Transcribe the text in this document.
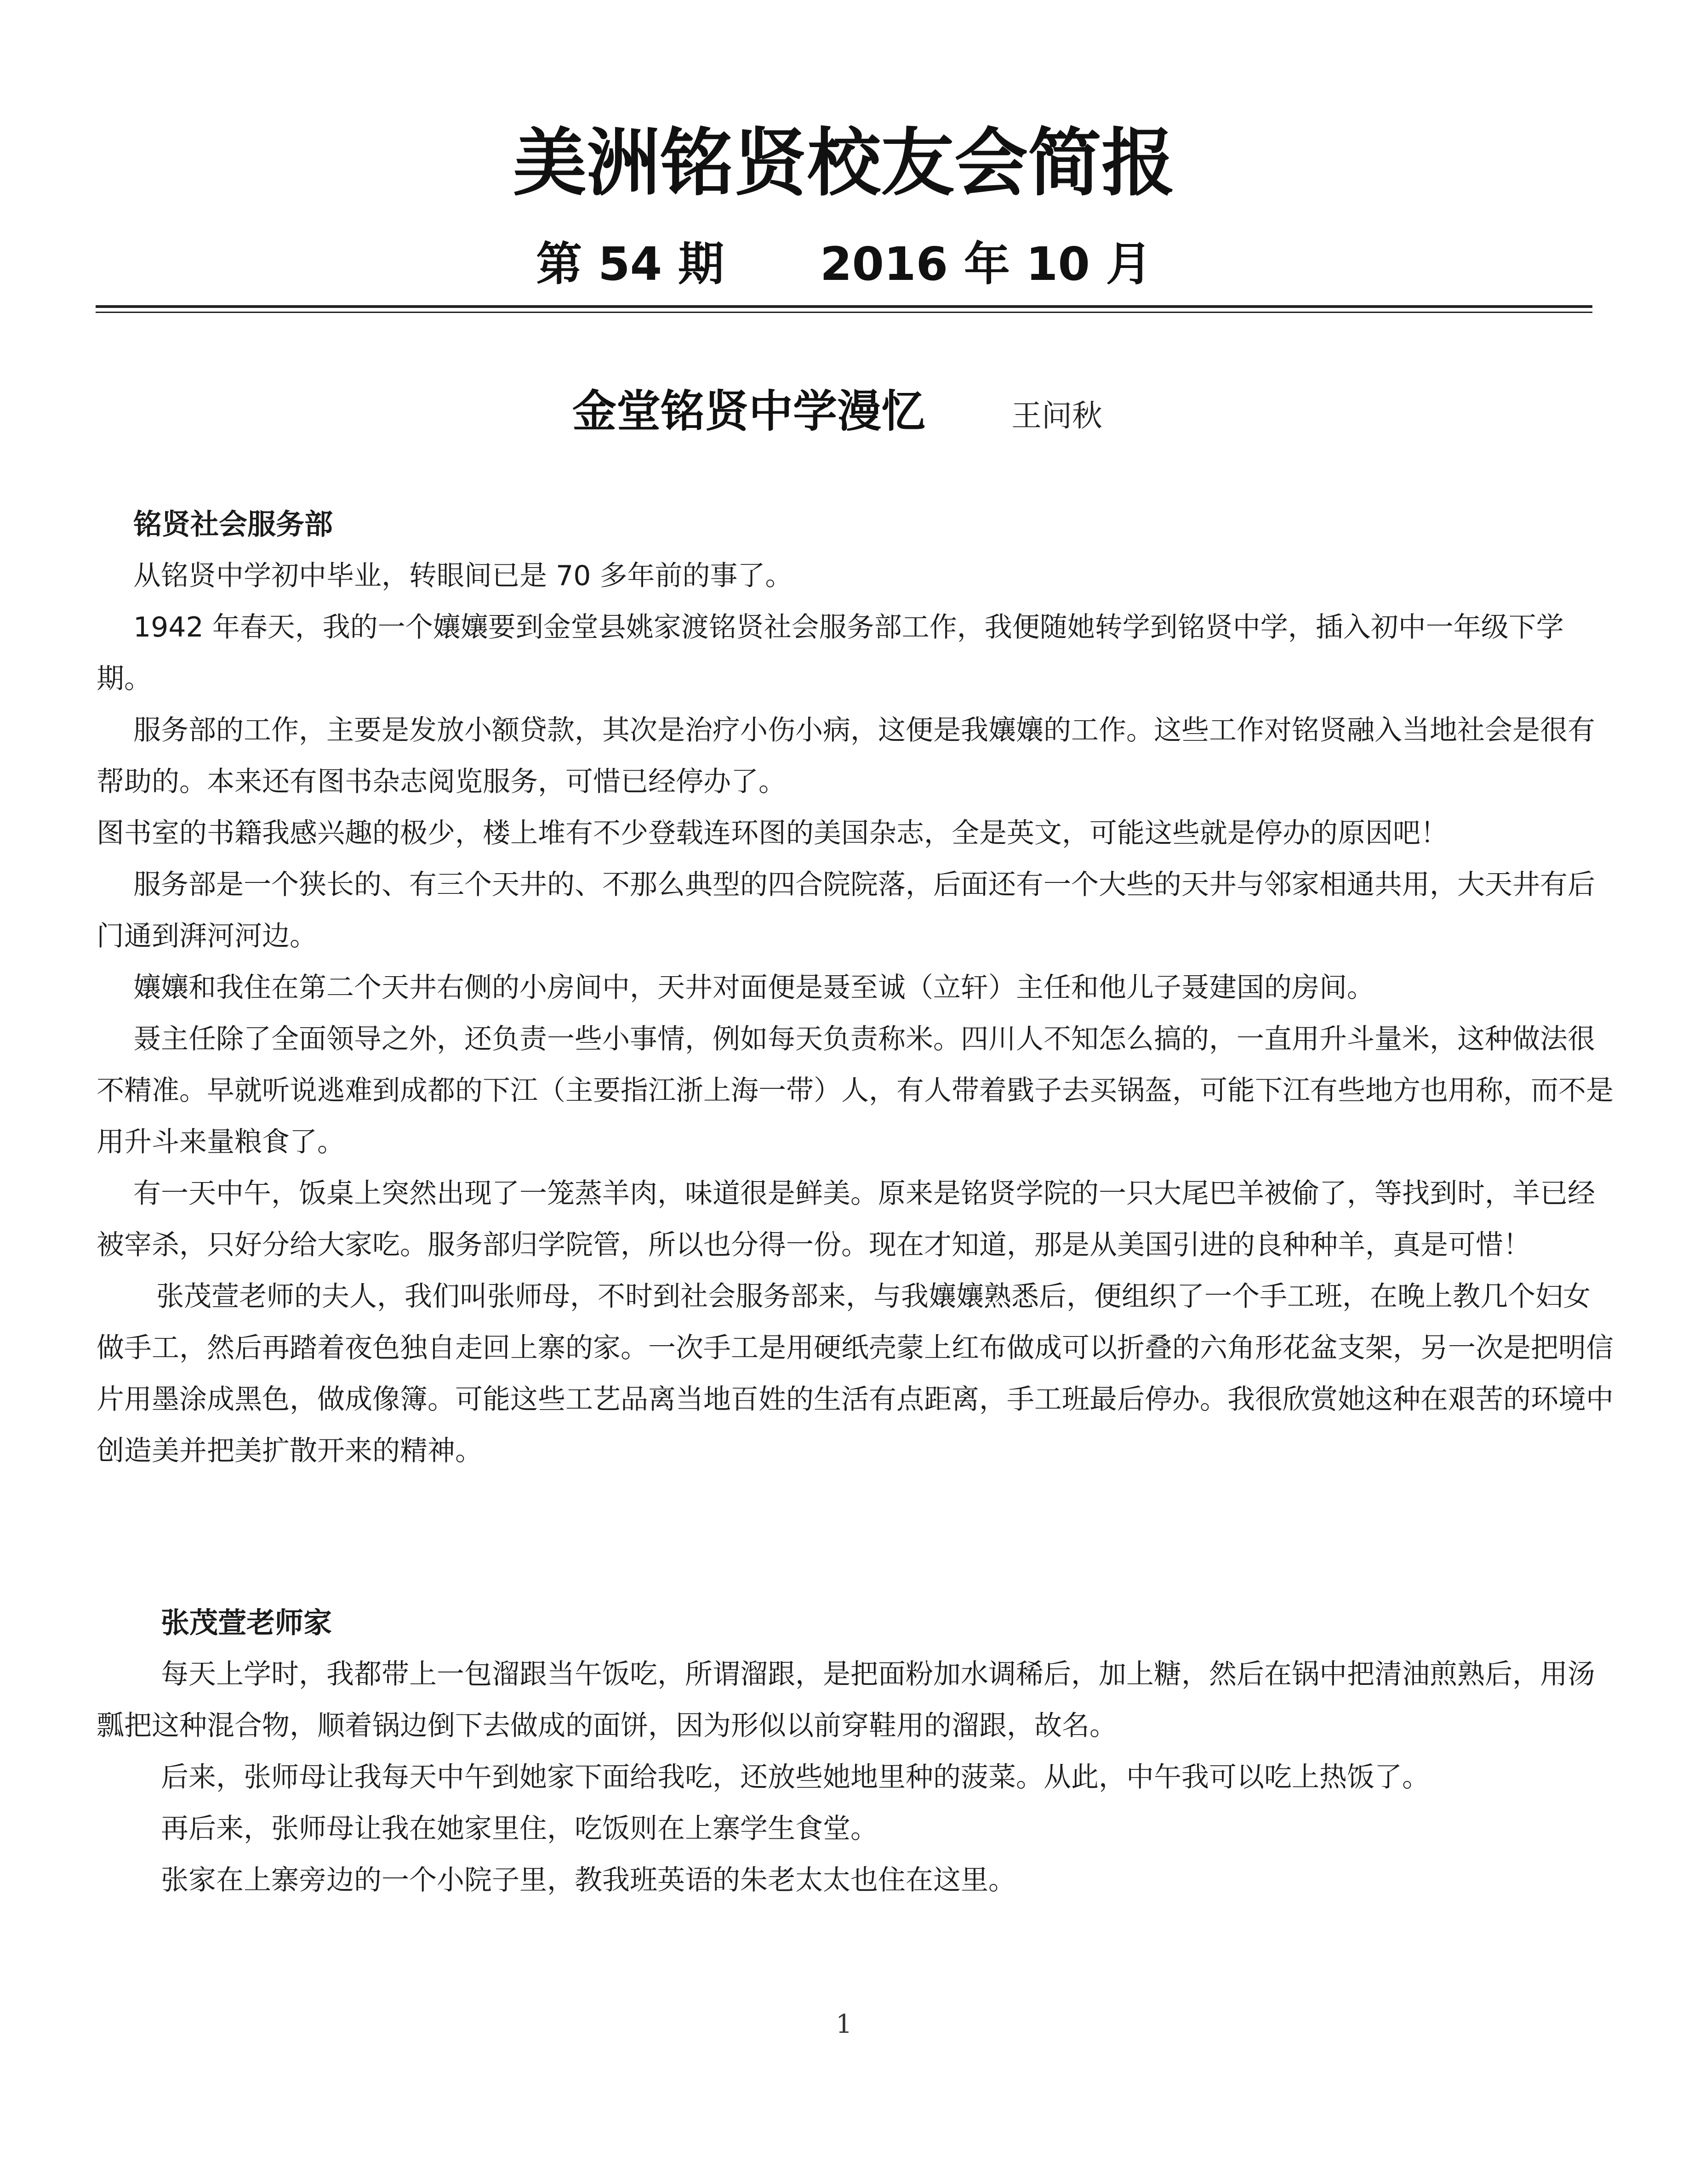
美洲铭贤校友会简报
第 54 期      2016 年 10 月
金堂铭贤中学漫忆	王问秋

铭贤社会服务部

从铭贤中学初中毕业，转眼间已是 70 多年前的事了。

1942 年春天，我的一个孃孃要到金堂县姚家渡铭贤社会服务部工作，我便随她转学到铭贤中学，插入初中一年级下学期。

服务部的工作，主要是发放小额贷款，其次是治疗小伤小病，这便是我孃孃的工作。这些工作对铭贤融入当地社会是很有帮助的。本来还有图书杂志阅览服务，可惜已经停办了。

图书室的书籍我感兴趣的极少，楼上堆有不少登载连环图的美国杂志，全是英文，可能这些就是停办的原因吧！

服务部是一个狭长的、有三个天井的、不那么典型的四合院院落，后面还有一个大些的天井与邻家相通共用，大天井有后门通到湃河河边。

孃孃和我住在第二个天井右侧的小房间中，天井对面便是聂至诚（立轩）主任和他儿子聂建国的房间。

聂主任除了全面领导之外，还负责一些小事情，例如每天负责称米。四川人不知怎么搞的，一直用升斗量米，这种做法很不精准。早就听说逃难到成都的下江（主要指江浙上海一带）人，有人带着戥子去买锅盔，可能下江有些地方也用称，而不是用升斗来量粮食了。

有一天中午，饭桌上突然出现了一笼蒸羊肉，味道很是鲜美。原来是铭贤学院的一只大尾巴羊被偷了，等找到时，羊已经被宰杀，只好分给大家吃。服务部归学院管，所以也分得一份。现在才知道，那是从美国引进的良种种羊，真是可惜！

张茂萱老师的夫人，我们叫张师母，不时到社会服务部来，与我孃孃熟悉后，便组织了一个手工班，在晚上教几个妇女做手工，然后再踏着夜色独自走回上寨的家。一次手工是用硬纸壳蒙上红布做成可以折叠的六角形花盆支架，另一次是把明信片用墨涂成黑色，做成像簿。可能这些工艺品离当地百姓的生活有点距离，手工班最后停办。我很欣赏她这种在艰苦的环境中创造美并把美扩散开来的精神。

张茂萱老师家

每天上学时，我都带上一包溜跟当午饭吃，所谓溜跟，是把面粉加水调稀后，加上糖，然后在锅中把清油煎熟后，用汤瓢把这种混合物，顺着锅边倒下去做成的面饼，因为形似以前穿鞋用的溜跟，故名。

后来，张师母让我每天中午到她家下面给我吃，还放些她地里种的菠菜。从此，中午我可以吃上热饭了。

再后来，张师母让我在她家里住，吃饭则在上寨学生食堂。

张家在上寨旁边的一个小院子里，教我班英语的朱老太太也住在这里。

1
